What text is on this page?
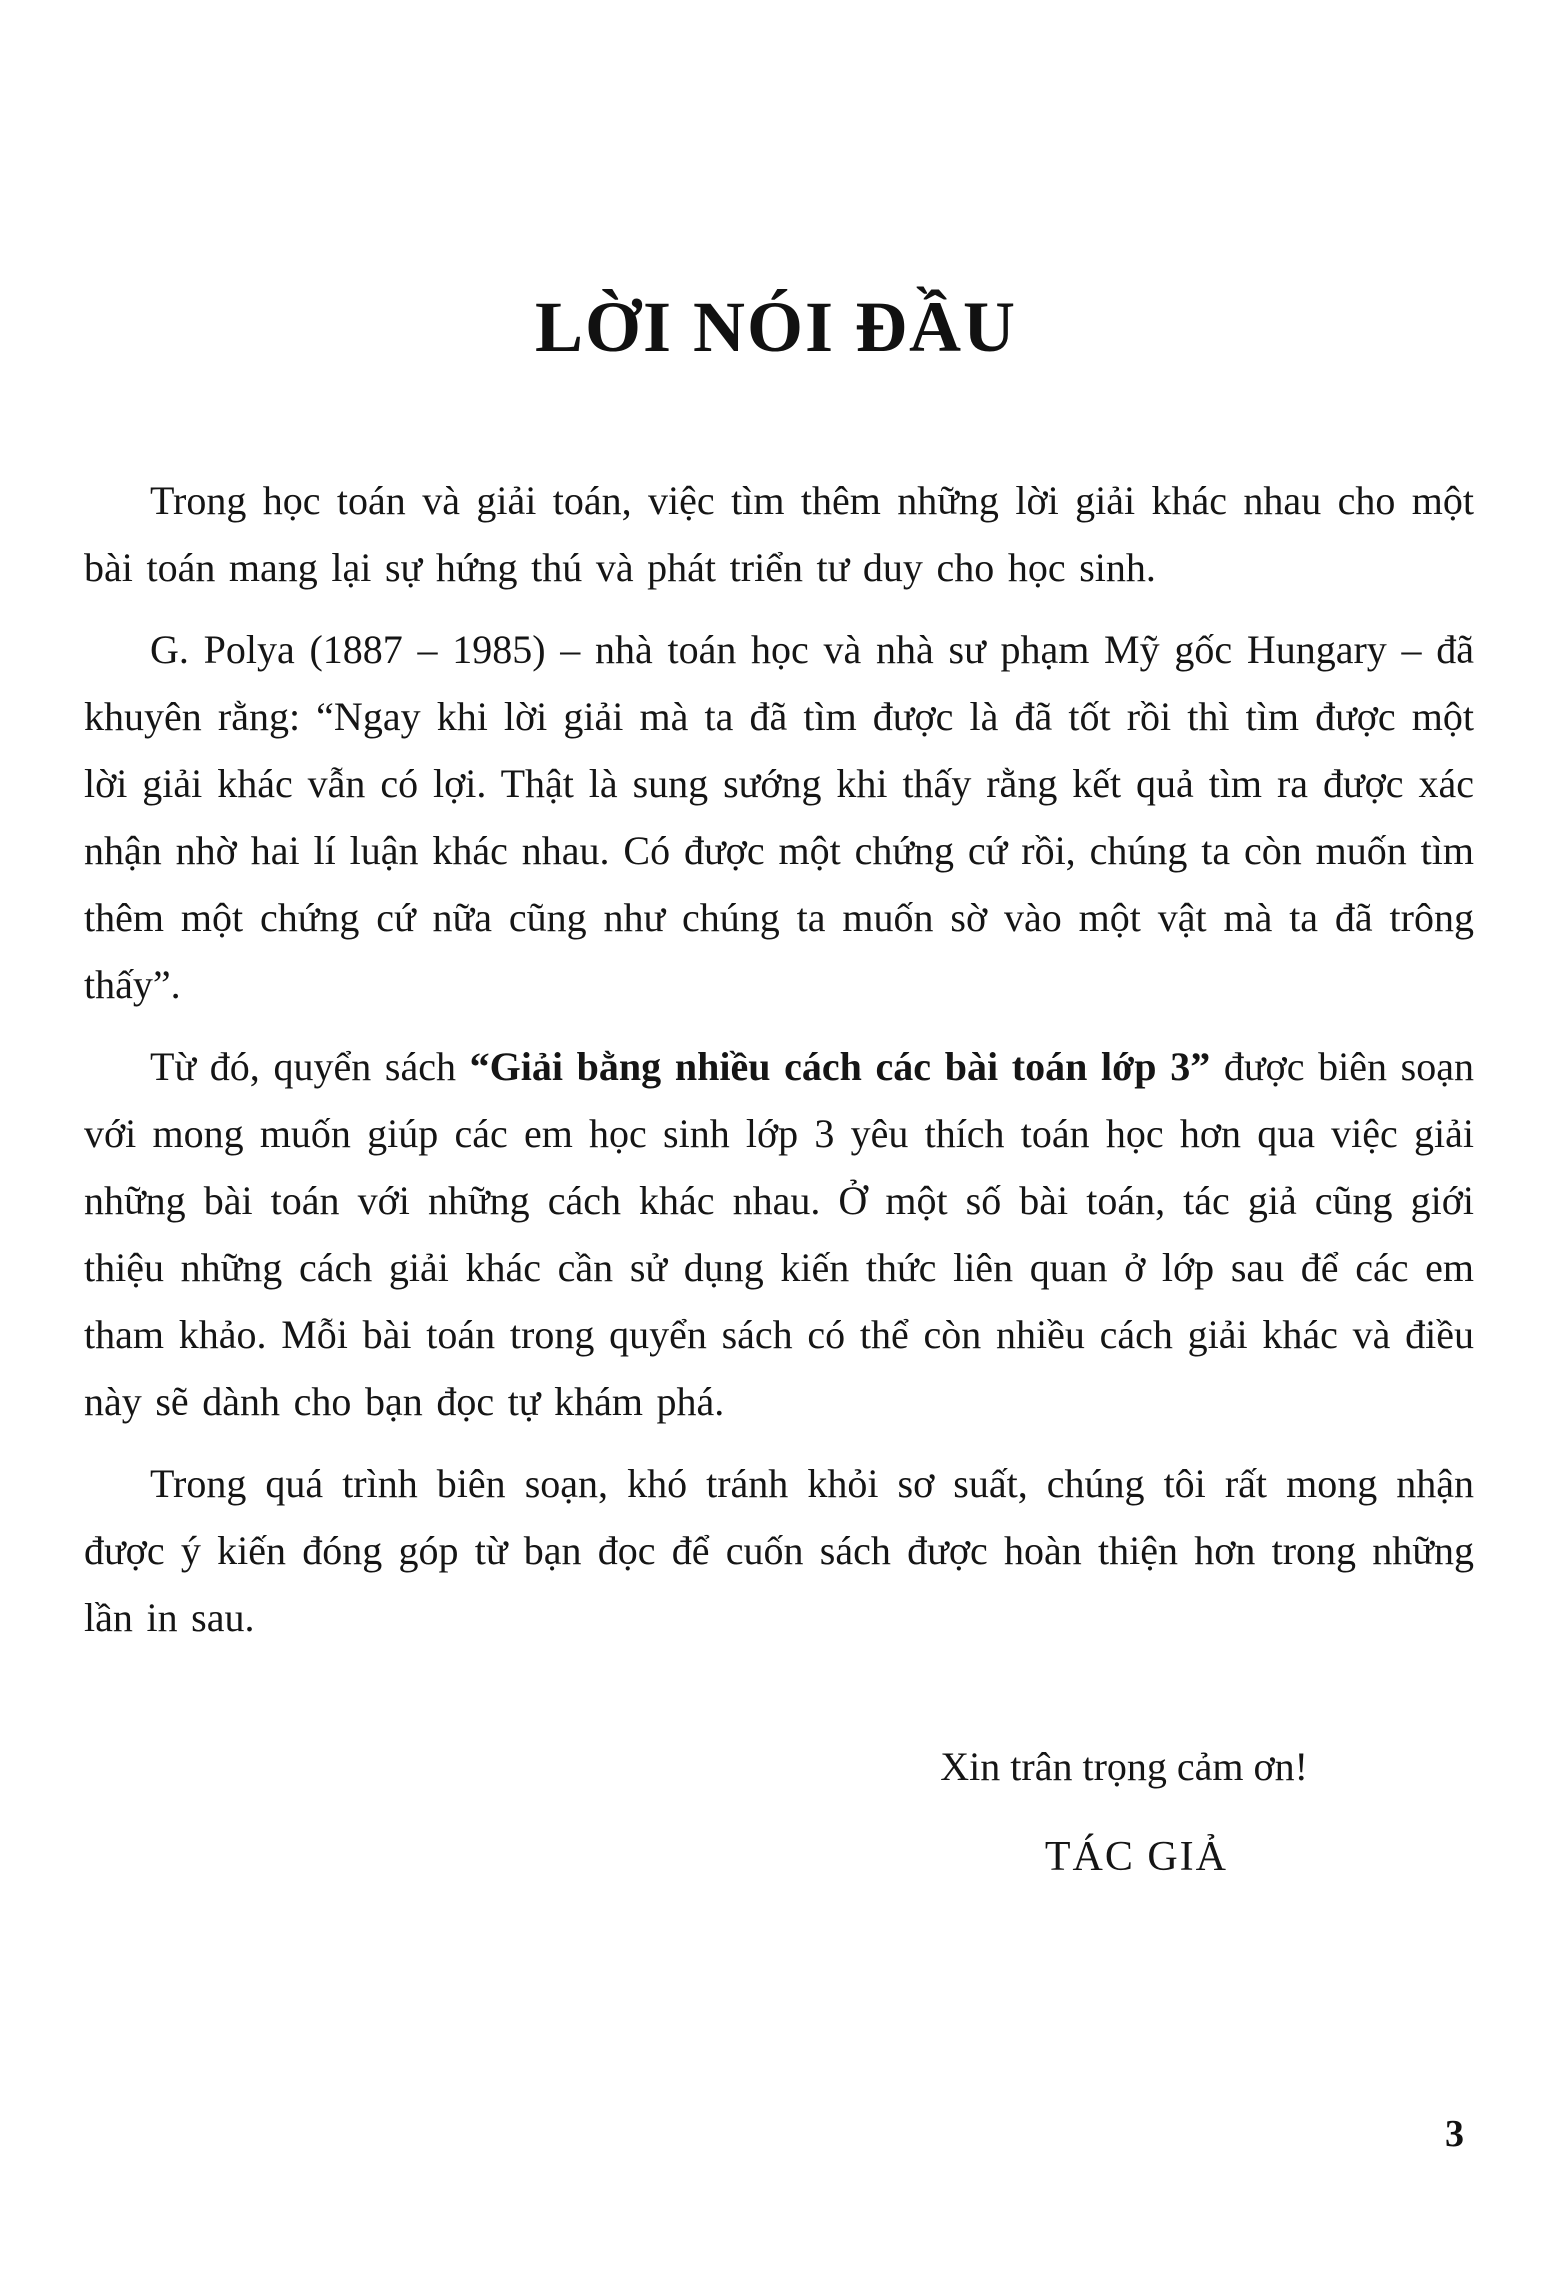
LỜI NÓI ĐẦU

Trong học toán và giải toán, việc tìm thêm những lời giải khác nhau cho một bài toán mang lại sự hứng thú và phát triển tư duy cho học sinh.

G. Polya (1887 – 1985) – nhà toán học và nhà sư phạm Mỹ gốc Hungary – đã khuyên rằng: “Ngay khi lời giải mà ta đã tìm được là đã tốt rồi thì tìm được một lời giải khác vẫn có lợi. Thật là sung sướng khi thấy rằng kết quả tìm ra được xác nhận nhờ hai lí luận khác nhau. Có được một chứng cứ rồi, chúng ta còn muốn tìm thêm một chứng cứ nữa cũng như chúng ta muốn sờ vào một vật mà ta đã trông thấy”.

Từ đó, quyển sách “Giải bằng nhiều cách các bài toán lớp 3” được biên soạn với mong muốn giúp các em học sinh lớp 3 yêu thích toán học hơn qua việc giải những bài toán với những cách khác nhau. Ở một số bài toán, tác giả cũng giới thiệu những cách giải khác cần sử dụng kiến thức liên quan ở lớp sau để các em tham khảo. Mỗi bài toán trong quyển sách có thể còn nhiều cách giải khác và điều này sẽ dành cho bạn đọc tự khám phá.

Trong quá trình biên soạn, khó tránh khỏi sơ suất, chúng tôi rất mong nhận được ý kiến đóng góp từ bạn đọc để cuốn sách được hoàn thiện hơn trong những lần in sau.

Xin trân trọng cảm ơn!
TÁC GIẢ
3
